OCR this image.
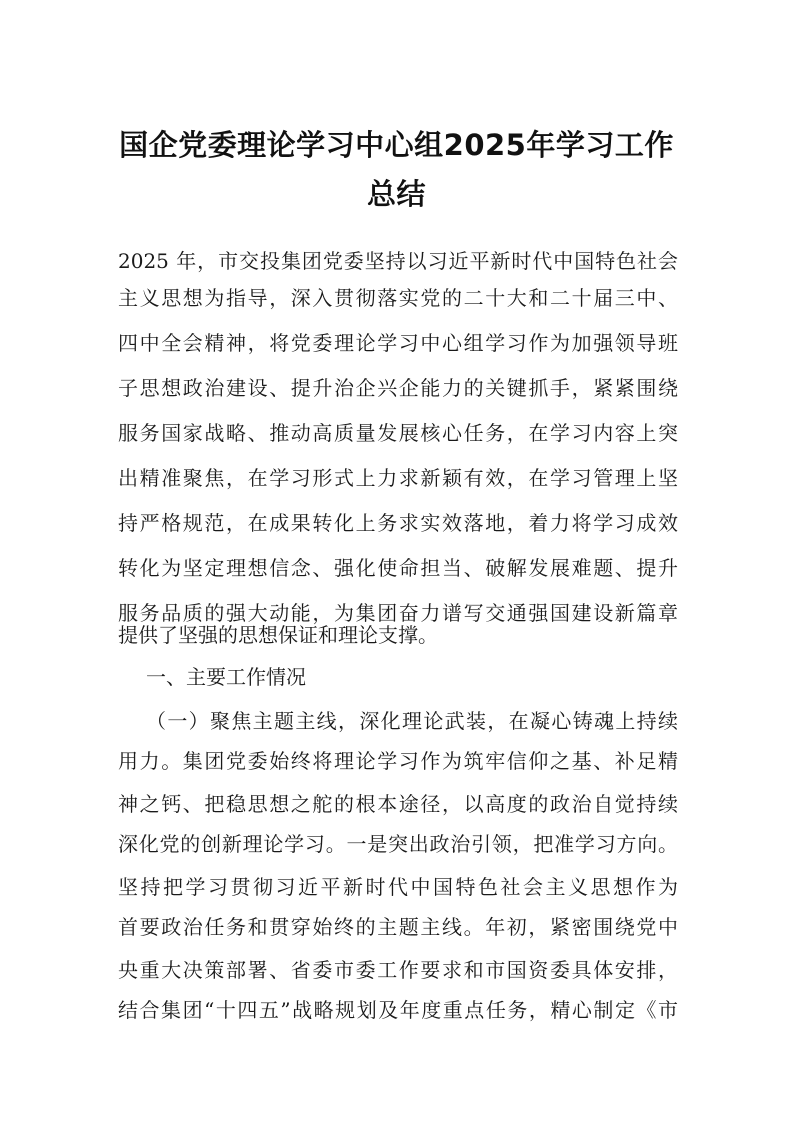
国企党委理论学习中心组2025年学习工作
总结
2025 年，市交投集团党委坚持以习近平新时代中国特色社会
主义思想为指导，深入贯彻落实党的二十大和二十届三中、
四中全会精神，将党委理论学习中心组学习作为加强领导班
子思想政治建设、提升治企兴企能力的关键抓手，紧紧围绕
服务国家战略、推动高质量发展核心任务，在学习内容上突
出精准聚焦，在学习形式上力求新颖有效，在学习管理上坚
持严格规范，在成果转化上务求实效落地，着力将学习成效
转化为坚定理想信念、强化使命担当、破解发展难题、提升
服务品质的强大动能，为集团奋力谱写交通强国建设新篇章
提供了坚强的思想保证和理论支撑。
一、主要工作情况
（一）聚焦主题主线，深化理论武装，在凝心铸魂上持续
用力。集团党委始终将理论学习作为筑牢信仰之基、补足精
神之钙、把稳思想之舵的根本途径，以高度的政治自觉持续
深化党的创新理论学习。一是突出政治引领，把准学习方向。
坚持把学习贯彻习近平新时代中国特色社会主义思想作为
首要政治任务和贯穿始终的主题主线。年初，紧密围绕党中
央重大决策部署、省委市委工作要求和市国资委具体安排，
结合集团“十四五”战略规划及年度重点任务，精心制定《市
